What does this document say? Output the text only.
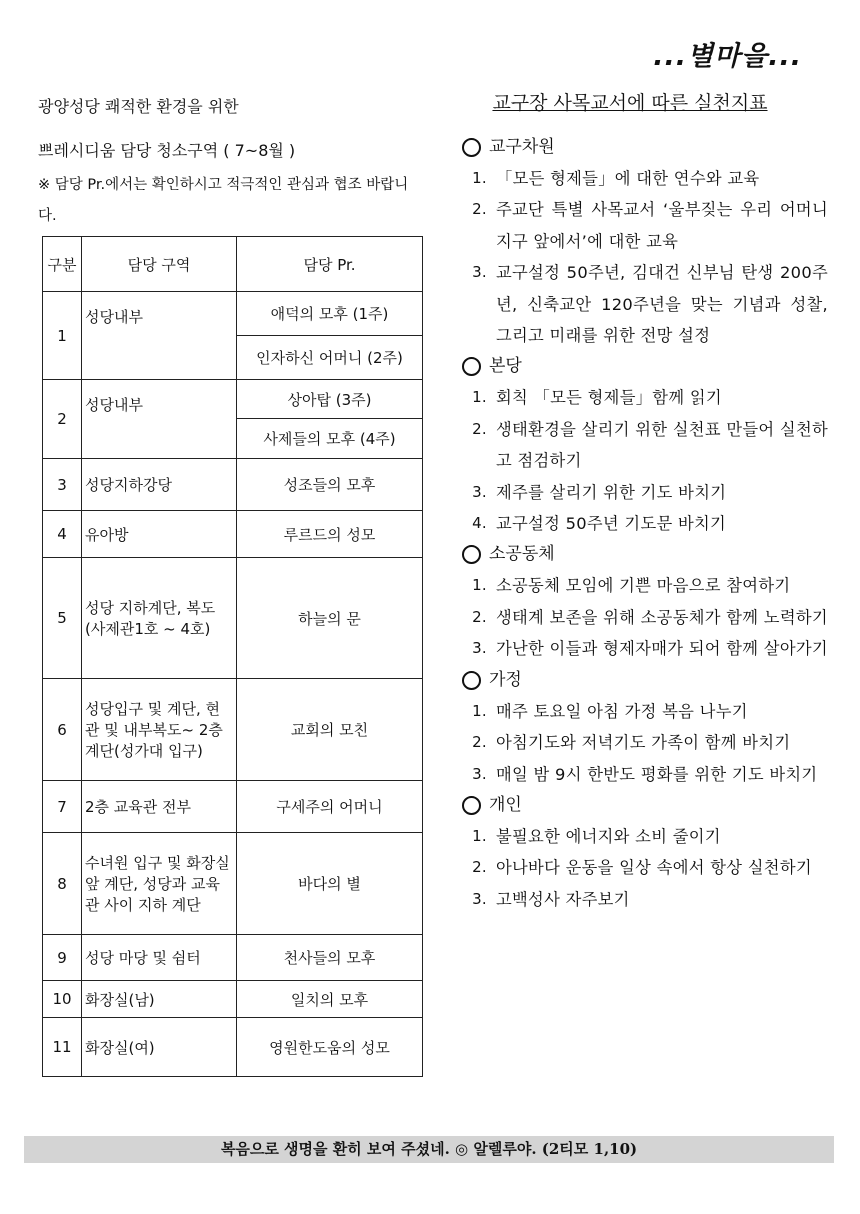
...별마을...
광양성당 쾌적한 환경을 위한
쁘레시디움 담당 청소구역 ( 7~8월 )
※ 담당 Pr.에서는 확인하시고 적극적인 관심과 협조 바랍니다.
구분	담당 구역	담당 Pr.
1	성당내부	애덕의 모후 (1주)
		인자하신 어머니 (2주)
2	성당내부	상아탑 (3주)
		사제들의 모후 (4주)
3	성당지하강당	성조들의 모후
4	유아방	루르드의 성모
5	성당 지하계단, 복도 (사제관1호 ~ 4호)	하늘의 문
6	성당입구 및 계단, 현관 및 내부복도~ 2층계단(성가대 입구)	교회의 모친
7	2층 교육관 전부	구세주의 어머니
8	수녀원 입구 및 화장실 앞 계단, 성당과 교육관 사이 지하 계단	바다의 별
9	성당 마당 및 쉼터	천사들의 모후
10	화장실(남)	일치의 모후
11	화장실(여)	영원한도움의 성모
교구장 사목교서에 따른 실천지표
교구차원
1. 「모든 형제들」에 대한 연수와 교육
2. 주교단 특별 사목교서 ‘울부짖는 우리 어머니 지구 앞에서’에 대한 교육
3. 교구설정 50주년, 김대건 신부님 탄생 200주년, 신축교안 120주년을 맞는 기념과 성찰, 그리고 미래를 위한 전망 설정
본당
1. 회칙 「모든 형제들」함께 읽기
2. 생태환경을 살리기 위한 실천표 만들어 실천하고 점검하기
3. 제주를 살리기 위한 기도 바치기
4. 교구설정 50주년 기도문 바치기
소공동체
1. 소공동체 모임에 기쁜 마음으로 참여하기
2. 생태계 보존을 위해 소공동체가 함께 노력하기
3. 가난한 이들과 형제자매가 되어 함께 살아가기
가정
1. 매주 토요일 아침 가정 복음 나누기
2. 아침기도와 저녁기도 가족이 함께 바치기
3. 매일 밤 9시 한반도 평화를 위한 기도 바치기
개인
1. 불필요한 에너지와 소비 줄이기
2. 아나바다 운동을 일상 속에서 항상 실천하기
3. 고백성사 자주보기
복음으로 생명을 환히 보여 주셨네. ◎ 알렐루야. (2티모 1,10)
